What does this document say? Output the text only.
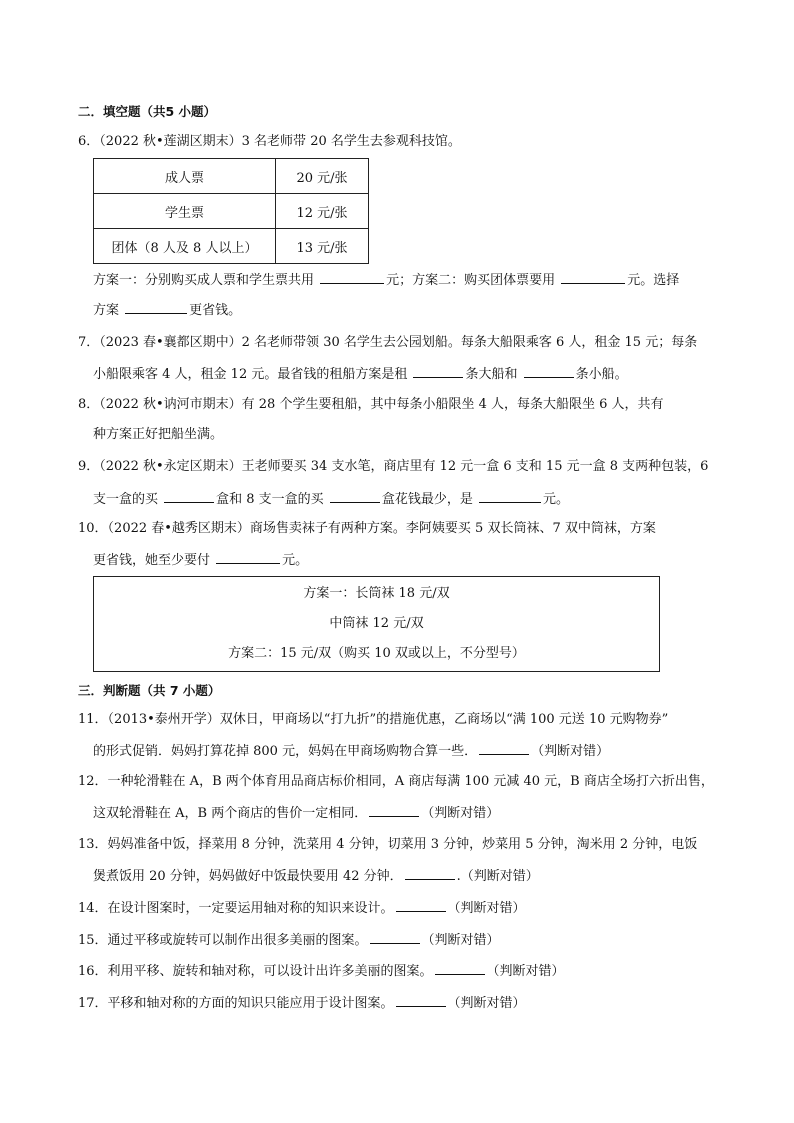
二．填空题（共5 小题）
6．（2022 秋•莲湖区期末）3 名老师带 20 名学生去参观科技馆。
成人票	20 元/张
学生票	12 元/张
团体（8 人及 8 人以上）	13 元/张
方案一：分别购买成人票和学生票共用	元；方案二：购买团体票要用	元。选择
方案	更省钱。
7．（2023 春•襄都区期中）2 名老师带领 30 名学生去公园划船。每条大船限乘客 6 人，租金 15 元；每条
小船限乘客 4 人，租金 12 元。最省钱的租船方案是租	条大船和	条小船。
8．（2022 秋•讷河市期末）有 28 个学生要租船，其中每条小船限坐 4 人，每条大船限坐 6 人，共有
种方案正好把船坐满。
9．（2022 秋•永定区期末）王老师要买 34 支水笔，商店里有 12 元一盒 6 支和 15 元一盒 8 支两种包装，6
支一盒的买	盒和 8 支一盒的买	盒花钱最少，是	元。
10．（2022 春•越秀区期末）商场售卖袜子有两种方案。李阿姨要买 5 双长筒袜、7 双中筒袜，方案
更省钱，她至少要付	元。
方案一：长筒袜 18 元/双
中筒袜 12 元/双
方案二：15 元/双（购买 10 双或以上，不分型号）
三．判断题（共 7 小题）
11．（2013•泰州开学）双休日，甲商场以“打九折”的措施优惠，乙商场以“满 100 元送 10 元购物券”
的形式促销．妈妈打算花掉 800 元，妈妈在甲商场购物合算一些．	（判断对错）
12．一种轮滑鞋在 A，B 两个体育用品商店标价相同，A 商店每满 100 元减 40 元，B 商店全场打六折出售，
这双轮滑鞋在 A，B 两个商店的售价一定相同．	（判断对错）
13．妈妈准备中饭，择菜用 8 分钟，洗菜用 4 分钟，切菜用 3 分钟，炒菜用 5 分钟，淘米用 2 分钟，电饭
煲煮饭用 20 分钟，妈妈做好中饭最快要用 42 分钟．	.（判断对错）
14．在设计图案时，一定要运用轴对称的知识来设计。	（判断对错）
15．通过平移或旋转可以制作出很多美丽的图案。	（判断对错）
16．利用平移、旋转和轴对称，可以设计出许多美丽的图案。	（判断对错）
17．平移和轴对称的方面的知识只能应用于设计图案。	（判断对错）
